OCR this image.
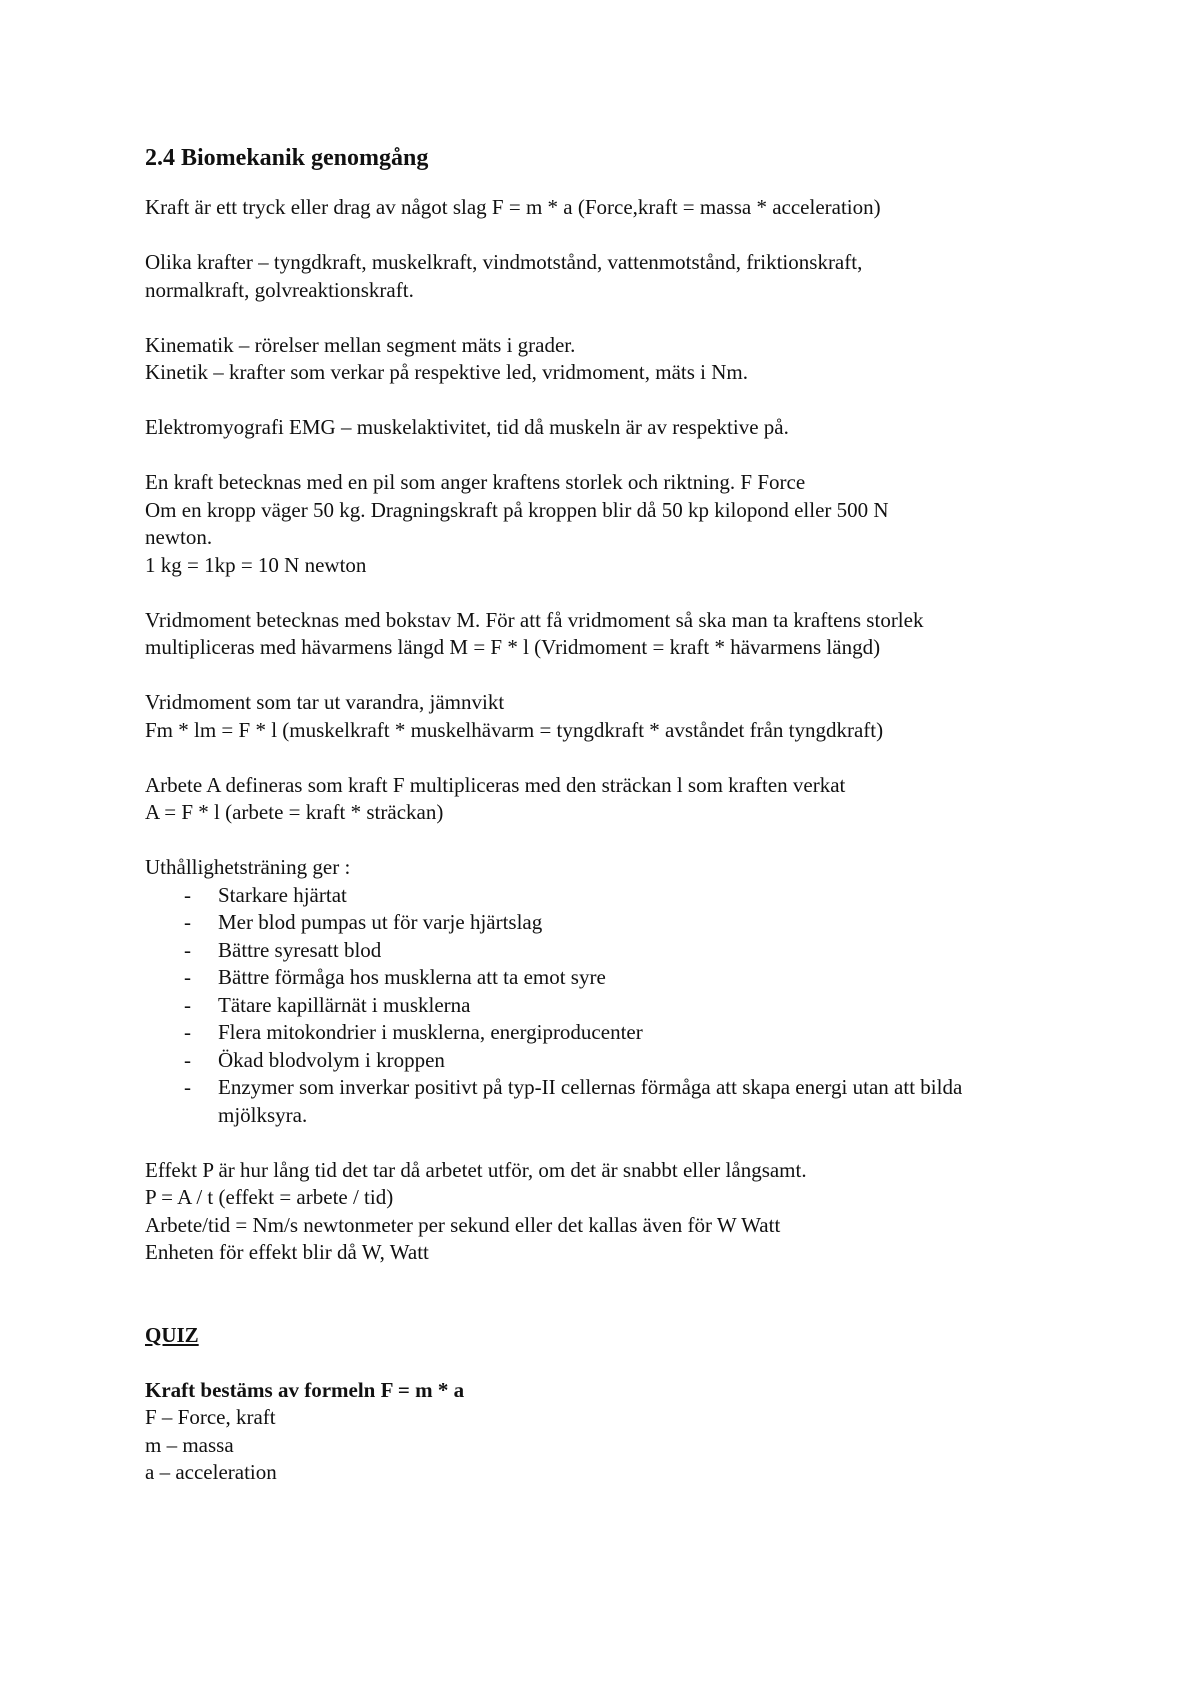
2.4 Biomekanik genomgång
Kraft är ett tryck eller drag av något slag F = m * a (Force,kraft = massa * acceleration)
Olika krafter – tyngdkraft, muskelkraft, vindmotstånd, vattenmotstånd, friktionskraft,
normalkraft, golvreaktionskraft.
Kinematik – rörelser mellan segment mäts i grader.
Kinetik – krafter som verkar på respektive led, vridmoment, mäts i Nm.
Elektromyografi EMG – muskelaktivitet, tid då muskeln är av respektive på.
En kraft betecknas med en pil som anger kraftens storlek och riktning. F Force
Om en kropp väger 50 kg. Dragningskraft på kroppen blir då 50 kp kilopond eller 500 N
newton.
1 kg = 1kp = 10 N newton
Vridmoment betecknas med bokstav M. För att få vridmoment så ska man ta kraftens storlek
multipliceras med hävarmens längd M = F * l (Vridmoment = kraft * hävarmens längd)
Vridmoment som tar ut varandra, jämnvikt
Fm * lm = F * l (muskelkraft * muskelhävarm = tyngdkraft * avståndet från tyngdkraft)
Arbete A defineras som kraft F multipliceras med den sträckan l som kraften verkat
A = F * l (arbete = kraft * sträckan)
Uthållighetsträning ger :
- Starkare hjärtat
- Mer blod pumpas ut för varje hjärtslag
- Bättre syresatt blod
- Bättre förmåga hos musklerna att ta emot syre
- Tätare kapillärnät i musklerna
- Flera mitokondrier i musklerna, energiproducenter
- Ökad blodvolym i kroppen
- Enzymer som inverkar positivt på typ-II cellernas förmåga att skapa energi utan att bilda mjölksyra.
Effekt P är hur lång tid det tar då arbetet utför, om det är snabbt eller långsamt.
P = A / t (effekt = arbete / tid)
Arbete/tid = Nm/s newtonmeter per sekund eller det kallas även för W Watt
Enheten för effekt blir då W, Watt
QUIZ
Kraft bestäms av formeln F = m * a
F – Force, kraft
m – massa
a – acceleration
